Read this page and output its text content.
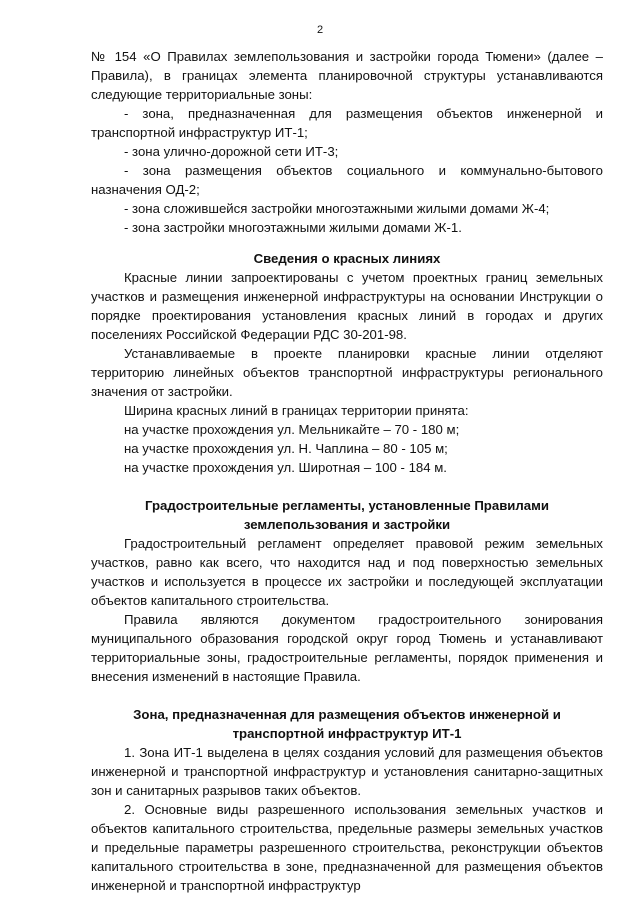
2

№ 154 «О Правилах землепользования и застройки города Тюмени» (далее – Правила), в границах элемента планировочной структуры устанавливаются следующие территориальные зоны:

- зона, предназначенная для размещения объектов инженерной и транспортной инфраструктур ИТ-1;

- зона улично-дорожной сети ИТ-3;

- зона размещения объектов социального и коммунально-бытового назначения ОД-2;

- зона сложившейся застройки многоэтажными жилыми домами Ж-4;

- зона застройки многоэтажными жилыми домами Ж-1.

Сведения о красных линиях

Красные линии запроектированы с учетом проектных границ земельных участков и размещения инженерной инфраструктуры на основании Инструкции о порядке проектирования установления красных линий в городах и других поселениях Российской Федерации РДС 30-201-98.

Устанавливаемые в проекте планировки красные линии отделяют территорию линейных объектов транспортной инфраструктуры регионального значения от застройки.

Ширина красных линий в границах территории принята:

на участке прохождения ул. Мельникайте – 70 - 180 м;

на участке прохождения ул. Н. Чаплина – 80 - 105 м;

на участке прохождения ул. Широтная – 100 - 184 м.

Градостроительные регламенты, установленные Правилами
землепользования и застройки

Градостроительный регламент определяет правовой режим земельных участков, равно как всего, что находится над и под поверхностью земельных участков и используется в процессе их застройки и последующей эксплуатации объектов капитального строительства.

Правила являются документом градостроительного зонирования муниципального образования городской округ город Тюмень и устанавливают территориальные зоны, градостроительные регламенты, порядок применения и внесения изменений в настоящие Правила.

Зона, предназначенная для размещения объектов инженерной и
транспортной инфраструктур ИТ-1

1. Зона ИТ-1 выделена в целях создания условий для размещения объектов инженерной и транспортной инфраструктур и установления санитарно-защитных зон и санитарных разрывов таких объектов.

2. Основные виды разрешенного использования земельных участков и объектов капитального строительства, предельные размеры земельных участков и предельные параметры разрешенного строительства, реконструкции объектов капитального строительства в зоне, предназначенной для размещения объектов инженерной и транспортной инфраструктур
